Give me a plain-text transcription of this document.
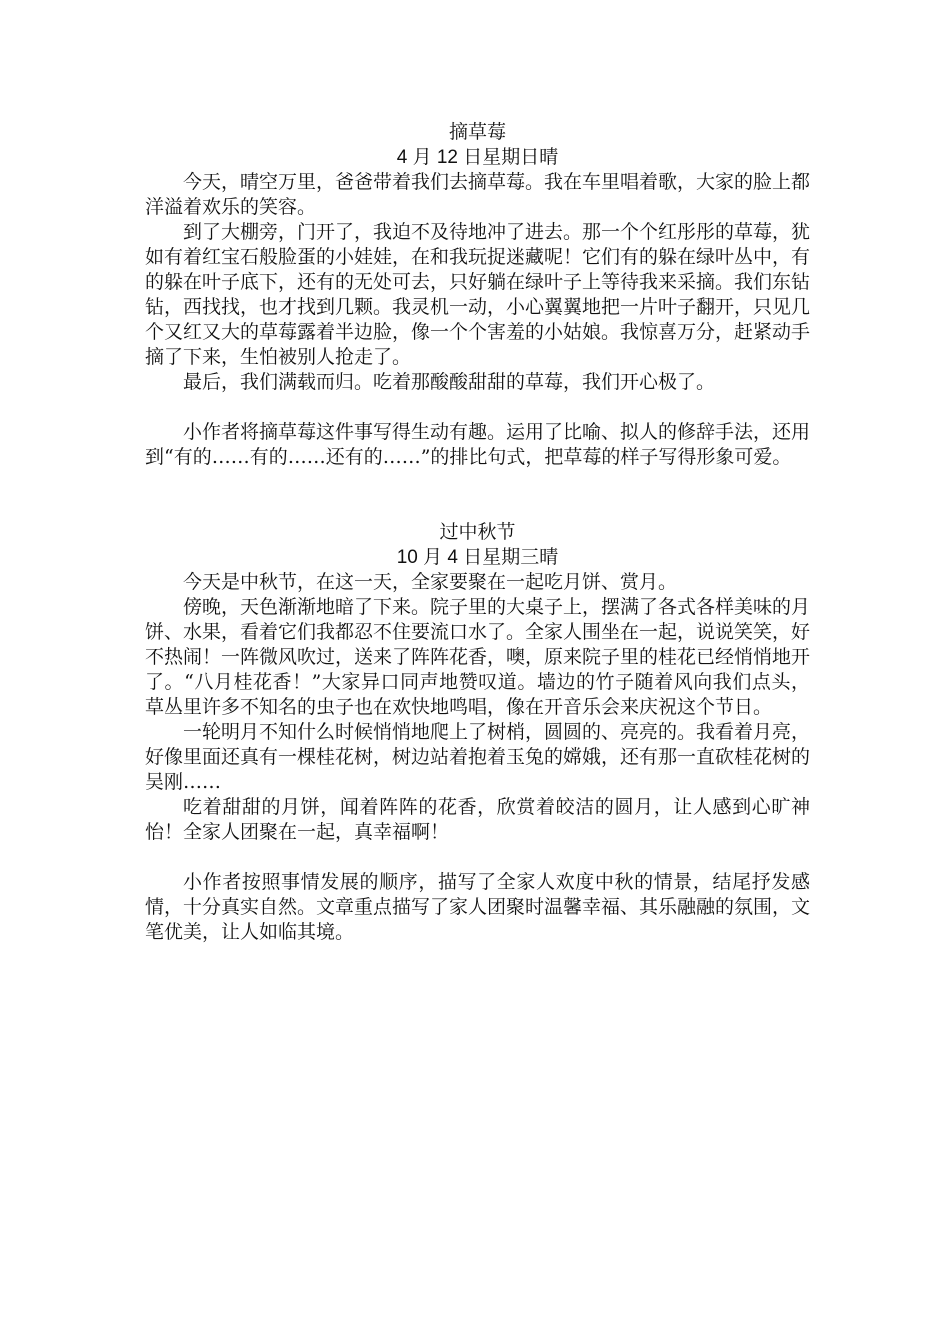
摘草莓
4 月 12 日星期日晴

今天，晴空万里，爸爸带着我们去摘草莓。我在车里唱着歌，大家的脸上都洋溢着欢乐的笑容。

到了大棚旁，门开了，我迫不及待地冲了进去。那一个个红彤彤的草莓，犹如有着红宝石般脸蛋的小娃娃，在和我玩捉迷藏呢！它们有的躲在绿叶丛中，有的躲在叶子底下，还有的无处可去，只好躺在绿叶子上等待我来采摘。我们东钻钻，西找找，也才找到几颗。我灵机一动，小心翼翼地把一片叶子翻开，只见几个又红又大的草莓露着半边脸，像一个个害羞的小姑娘。我惊喜万分，赶紧动手摘了下来，生怕被别人抢走了。

最后，我们满载而归。吃着那酸酸甜甜的草莓，我们开心极了。

小作者将摘草莓这件事写得生动有趣。运用了比喻、拟人的修辞手法，还用到“有的……有的……还有的……”的排比句式，把草莓的样子写得形象可爱。

过中秋节
10 月 4 日星期三晴

今天是中秋节，在这一天，全家要聚在一起吃月饼、赏月。

傍晚，天色渐渐地暗了下来。院子里的大桌子上，摆满了各式各样美味的月饼、水果，看着它们我都忍不住要流口水了。全家人围坐在一起，说说笑笑，好不热闹！一阵微风吹过，送来了阵阵花香，噢，原来院子里的桂花已经悄悄地开了。“八月桂花香！”大家异口同声地赞叹道。墙边的竹子随着风向我们点头，草丛里许多不知名的虫子也在欢快地鸣唱，像在开音乐会来庆祝这个节日。

一轮明月不知什么时候悄悄地爬上了树梢，圆圆的、亮亮的。我看着月亮，好像里面还真有一棵桂花树，树边站着抱着玉兔的嫦娥，还有那一直砍桂花树的吴刚……

吃着甜甜的月饼，闻着阵阵的花香，欣赏着皎洁的圆月，让人感到心旷神怡！全家人团聚在一起，真幸福啊！

小作者按照事情发展的顺序，描写了全家人欢度中秋的情景，结尾抒发感情，十分真实自然。文章重点描写了家人团聚时温馨幸福、其乐融融的氛围，文笔优美，让人如临其境。
